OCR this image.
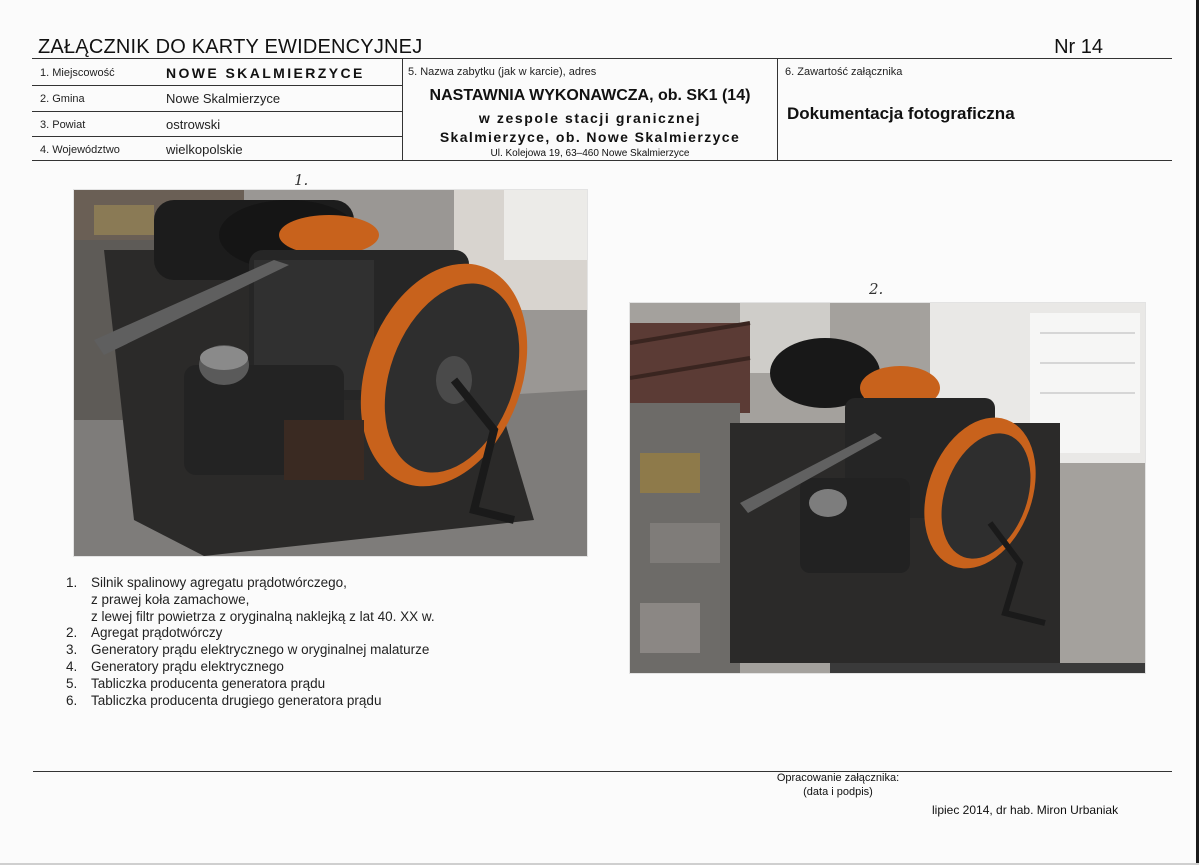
ZAŁĄCZNIK DO KARTY EWIDENCYJNEJ	Nr 14
1. Miejscowość	NOWE SKALMIERZYCE
2. Gmina	Nowe Skalmierzyce
3. Powiat	ostrowski
4. Województwo	wielkopolskie
5. Nazwa zabytku (jak w karcie), adres
NASTAWNIA WYKONAWCZA, ob. SK1 (14)
w zespole stacji granicznej
Skalmierzyce, ob. Nowe Skalmierzyce
Ul. Kolejowa 19, 63–460 Nowe Skalmierzyce
6. Zawartość załącznika
Dokumentacja fotograficzna
1.
2.
1. Silnik spalinowy agregatu prądotwórczego,
z prawej koła zamachowe,
z lewej filtr powietrza z oryginalną naklejką z lat 40. XX w.
2. Agregat prądotwórczy
3. Generatory prądu elektrycznego w oryginalnej malaturze
4. Generatory prądu elektrycznego
5. Tabliczka producenta generatora prądu
6. Tabliczka producenta drugiego generatora prądu
Opracowanie załącznika:
(data i podpis)
lipiec 2014, dr hab. Miron Urbaniak
